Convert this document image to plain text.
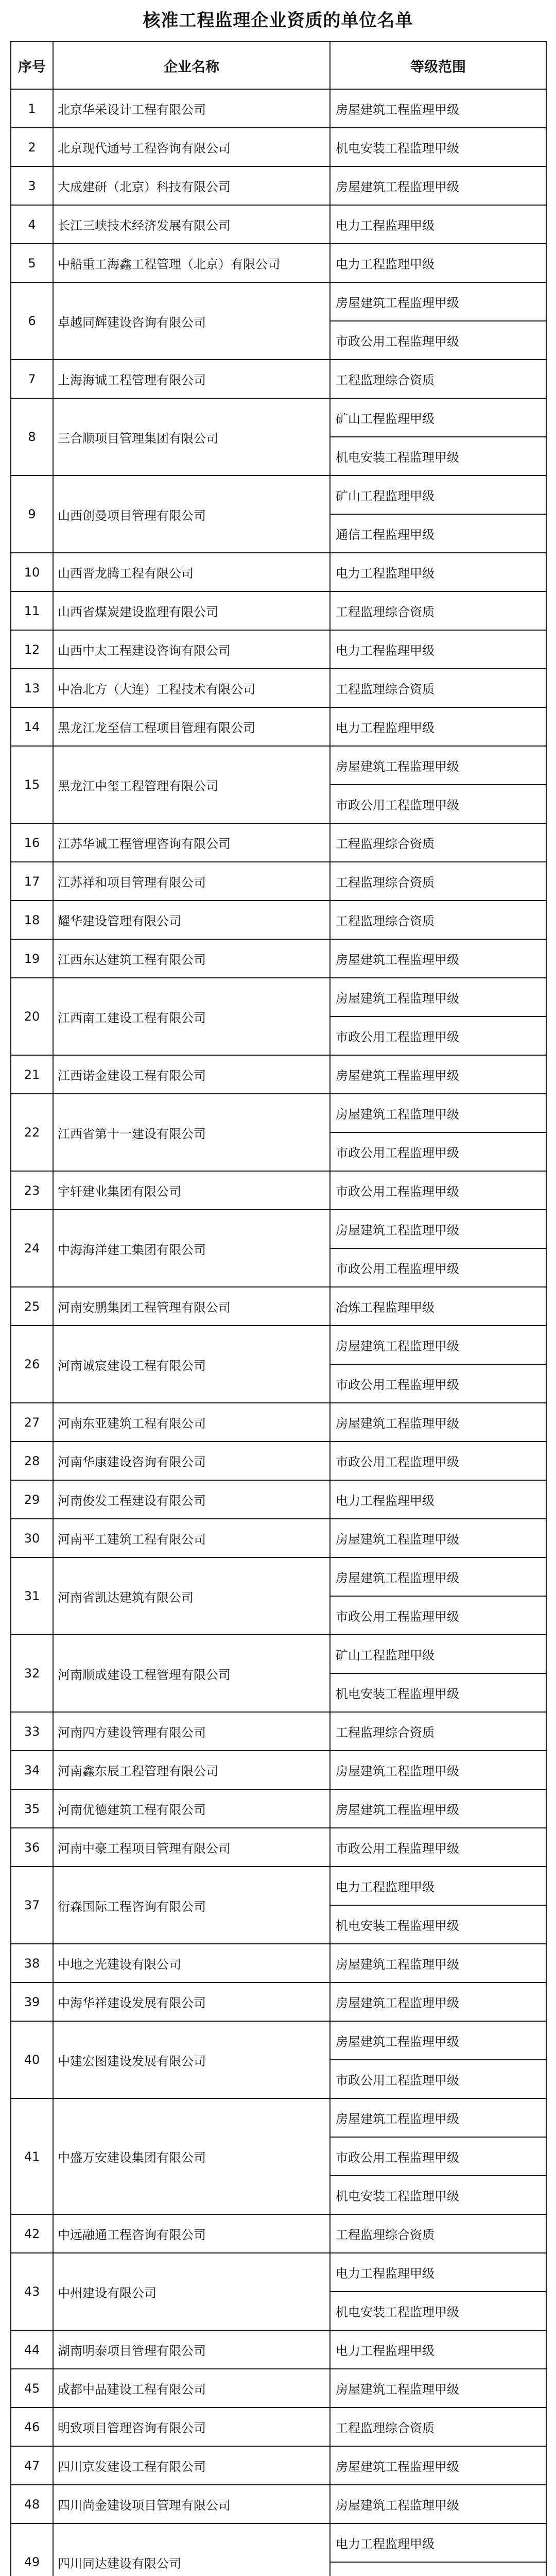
核准工程监理企业资质的单位名单
序号	企业名称	等级范围
1	北京华采设计工程有限公司	房屋建筑工程监理甲级
2	北京现代通号工程咨询有限公司	机电安装工程监理甲级
3	大成建研（北京）科技有限公司	房屋建筑工程监理甲级
4	长江三峡技术经济发展有限公司	电力工程监理甲级
5	中船重工海鑫工程管理（北京）有限公司	电力工程监理甲级
6	卓越同辉建设咨询有限公司	房屋建筑工程监理甲级
		市政公用工程监理甲级
7	上海海诚工程管理有限公司	工程监理综合资质
8	三合顺项目管理集团有限公司	矿山工程监理甲级
		机电安装工程监理甲级
9	山西创曼项目管理有限公司	矿山工程监理甲级
		通信工程监理甲级
10	山西晋龙腾工程有限公司	电力工程监理甲级
11	山西省煤炭建设监理有限公司	工程监理综合资质
12	山西中太工程建设咨询有限公司	电力工程监理甲级
13	中冶北方（大连）工程技术有限公司	工程监理综合资质
14	黑龙江龙至信工程项目管理有限公司	电力工程监理甲级
15	黑龙江中玺工程管理有限公司	房屋建筑工程监理甲级
		市政公用工程监理甲级
16	江苏华诚工程管理咨询有限公司	工程监理综合资质
17	江苏祥和项目管理有限公司	工程监理综合资质
18	耀华建设管理有限公司	工程监理综合资质
19	江西东达建筑工程有限公司	房屋建筑工程监理甲级
20	江西南工建设工程有限公司	房屋建筑工程监理甲级
		市政公用工程监理甲级
21	江西诺金建设工程有限公司	房屋建筑工程监理甲级
22	江西省第十一建设有限公司	房屋建筑工程监理甲级
		市政公用工程监理甲级
23	宇轩建业集团有限公司	市政公用工程监理甲级
24	中海海洋建工集团有限公司	房屋建筑工程监理甲级
		市政公用工程监理甲级
25	河南安鹏集团工程管理有限公司	冶炼工程监理甲级
26	河南诚宸建设工程有限公司	房屋建筑工程监理甲级
		市政公用工程监理甲级
27	河南东亚建筑工程有限公司	房屋建筑工程监理甲级
28	河南华康建设咨询有限公司	市政公用工程监理甲级
29	河南俊发工程建设有限公司	电力工程监理甲级
30	河南平工建筑工程有限公司	房屋建筑工程监理甲级
31	河南省凯达建筑有限公司	房屋建筑工程监理甲级
		市政公用工程监理甲级
32	河南顺成建设工程管理有限公司	矿山工程监理甲级
		机电安装工程监理甲级
33	河南四方建设管理有限公司	工程监理综合资质
34	河南鑫东辰工程管理有限公司	房屋建筑工程监理甲级
35	河南优德建筑工程有限公司	房屋建筑工程监理甲级
36	河南中豪工程项目管理有限公司	市政公用工程监理甲级
37	衍森国际工程咨询有限公司	电力工程监理甲级
		机电安装工程监理甲级
38	中地之光建设有限公司	房屋建筑工程监理甲级
39	中海华祥建设发展有限公司	房屋建筑工程监理甲级
40	中建宏图建设发展有限公司	房屋建筑工程监理甲级
		市政公用工程监理甲级
41	中盛万安建设集团有限公司	房屋建筑工程监理甲级
		市政公用工程监理甲级
		机电安装工程监理甲级
42	中远融通工程咨询有限公司	工程监理综合资质
43	中州建设有限公司	电力工程监理甲级
		机电安装工程监理甲级
44	湖南明泰项目管理有限公司	电力工程监理甲级
45	成都中品建设工程有限公司	房屋建筑工程监理甲级
46	明致项目管理咨询有限公司	工程监理综合资质
47	四川京发建设工程有限公司	房屋建筑工程监理甲级
48	四川尚金建设项目管理有限公司	房屋建筑工程监理甲级
49	四川同达建设有限公司	电力工程监理甲级
